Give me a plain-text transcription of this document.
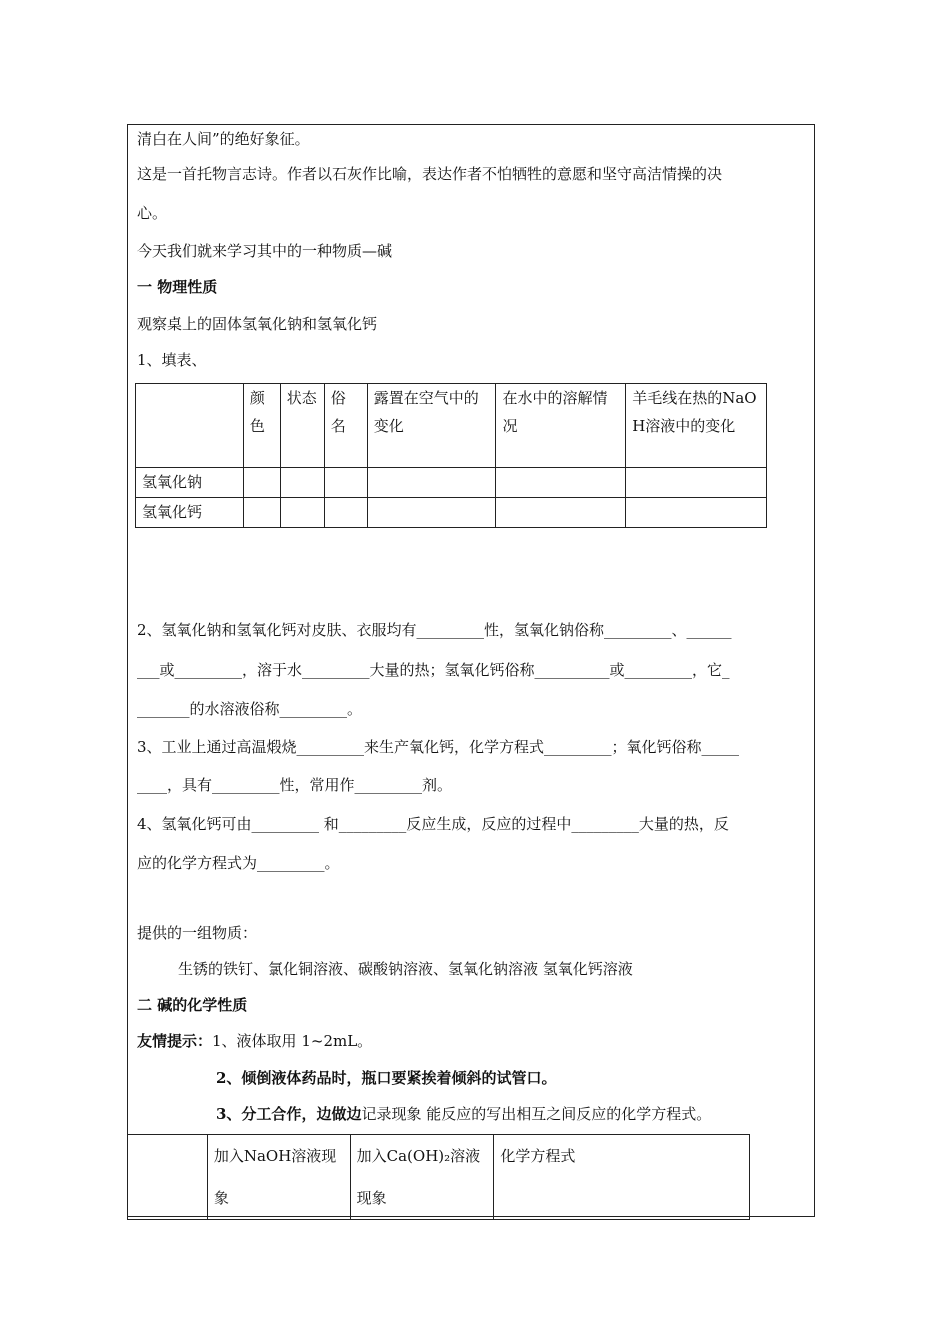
清白在人间”的绝好象征。
这是一首托物言志诗。作者以石灰作比喻，表达作者不怕牺牲的意愿和坚守高洁情操的决
心。
今天我们就来学习其中的一种物质—碱
一 物理性质
观察桌上的固体氢氧化钠和氢氧化钙
1、填表、
	颜色	状态	俗名	露置在空气中的变化	在水中的溶解情况	羊毛线在热的NaOH溶液中的变化
氢氧化钠						
氢氧化钙						
2、氢氧化钠和氢氧化钙对皮肤、衣服均有_________性，氢氧化钠俗称_________、______
___或_________，溶于水_________大量的热；氢氧化钙俗称__________或_________，它_
_______的水溶液俗称_________。
3、工业上通过高温煅烧_________来生产氧化钙，化学方程式_________；氧化钙俗称_____
____，具有_________性，常用作_________剂。
4、氢氧化钙可由_________ 和_________反应生成，反应的过程中_________大量的热，反
应的化学方程式为_________。
提供的一组物质：
生锈的铁钉、氯化铜溶液、碳酸钠溶液、氢氧化钠溶液 氢氧化钙溶液
二 碱的化学性质
友情提示：1、液体取用 1~2mL。
2、倾倒液体药品时，瓶口要紧挨着倾斜的试管口。
3、分工合作，边做边记录现象 能反应的写出相互之间反应的化学方程式。
	加入NaOH溶液现象	加入Ca(OH)₂溶液现象	化学方程式
